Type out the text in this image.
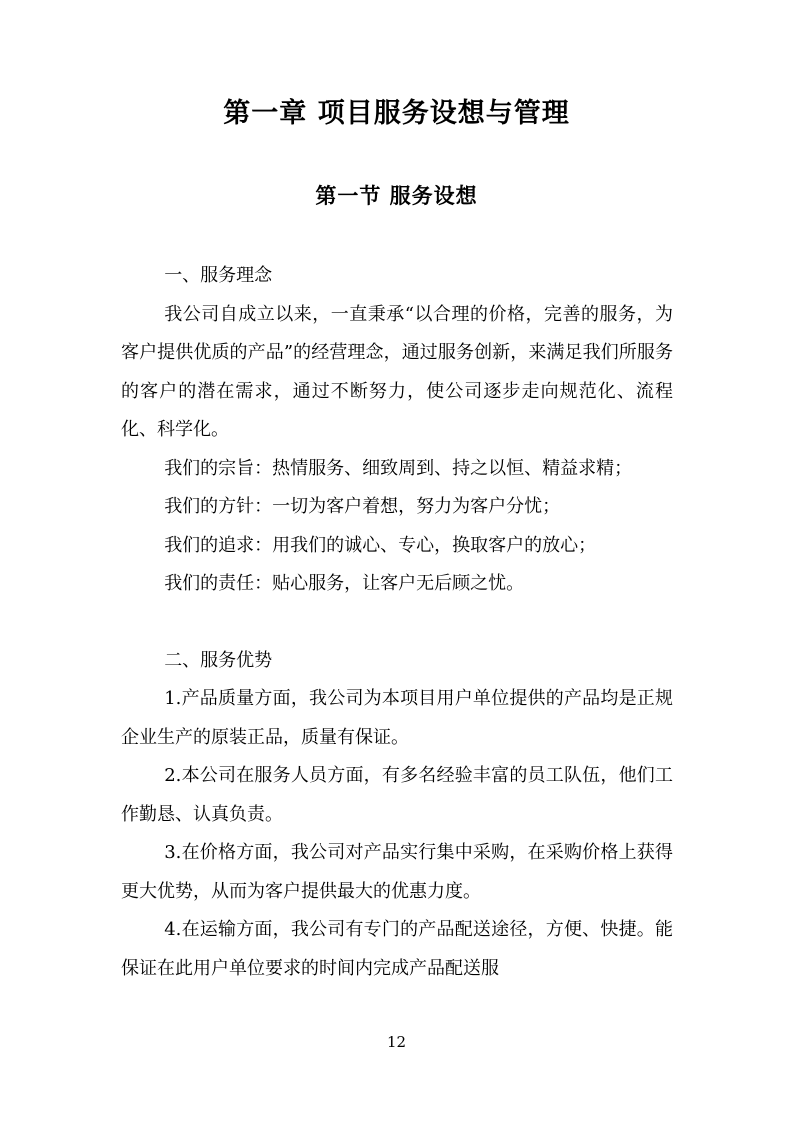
第一章 项目服务设想与管理
第一节 服务设想

一、服务理念

我公司自成立以来，一直秉承“以合理的价格，完善的服务，为客户提供优质的产品”的经营理念，通过服务创新，来满足我们所服务的客户的潜在需求，通过不断努力，使公司逐步走向规范化、流程化、科学化。

我们的宗旨：热情服务、细致周到、持之以恒、精益求精；

我们的方针：一切为客户着想，努力为客户分忧；

我们的追求：用我们的诚心、专心，换取客户的放心；

我们的责任：贴心服务，让客户无后顾之忧。

二、服务优势

1.产品质量方面，我公司为本项目用户单位提供的产品均是正规企业生产的原装正品，质量有保证。

2.本公司在服务人员方面，有多名经验丰富的员工队伍，他们工作勤恳、认真负责。

3.在价格方面，我公司对产品实行集中采购，在采购价格上获得更大优势，从而为客户提供最大的优惠力度。

4.在运输方面，我公司有专门的产品配送途径，方便、快捷。能保证在此用户单位要求的时间内完成产品配送服

12
